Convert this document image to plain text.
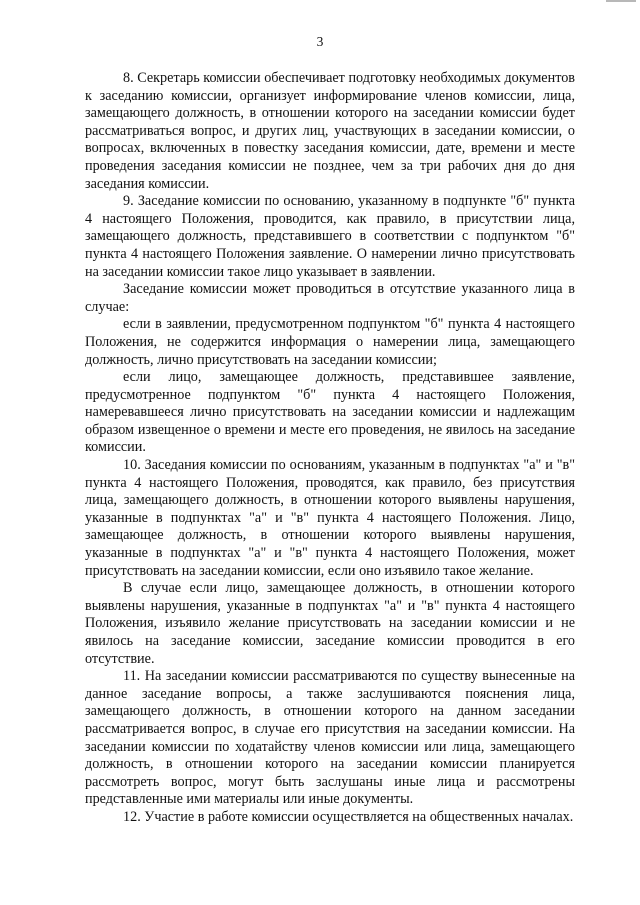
3

8. Секретарь комиссии обеспечивает подготовку необходимых документов к заседанию комиссии, организует информирование членов комиссии, лица, замещающего должность, в отношении которого на заседании комиссии будет рассматриваться вопрос, и других лиц, участвующих в заседании комиссии, о вопросах, включенных в повестку заседания комиссии, дате, времени и месте проведения заседания комиссии не позднее, чем за три рабочих дня до дня заседания комиссии.

9. Заседание комиссии по основанию, указанному в подпункте "б" пункта 4 настоящего Положения, проводится, как правило, в присутствии лица, замещающего должность, представившего в соответствии с подпунктом "б" пункта 4 настоящего Положения заявление. О намерении лично присутствовать на заседании комиссии такое лицо указывает в заявлении.

Заседание комиссии может проводиться в отсутствие указанного лица в случае:

если в заявлении, предусмотренном подпунктом "б" пункта 4 настоящего Положения, не содержится информация о намерении лица, замещающего должность, лично присутствовать на заседании комиссии;

если лицо, замещающее должность, представившее заявление, предусмотренное подпунктом "б" пункта 4 настоящего Положения, намеревавшееся лично присутствовать на заседании комиссии и надлежащим образом извещенное о времени и месте его проведения, не явилось на заседание комиссии.

10. Заседания комиссии по основаниям, указанным в подпунктах "а" и "в" пункта 4 настоящего Положения, проводятся, как правило, без присутствия лица, замещающего должность, в отношении которого выявлены нарушения, указанные в подпунктах "а" и "в" пункта 4 настоящего Положения. Лицо, замещающее должность, в отношении которого выявлены нарушения, указанные в подпунктах "а" и "в" пункта 4 настоящего Положения, может присутствовать на заседании комиссии, если оно изъявило такое желание.

В случае если лицо, замещающее должность, в отношении которого выявлены нарушения, указанные в подпунктах "а" и "в" пункта 4 настоящего Положения, изъявило желание присутствовать на заседании комиссии и не явилось на заседание комиссии, заседание комиссии проводится в его отсутствие.

11. На заседании комиссии рассматриваются по существу вынесенные на данное заседание вопросы, а также заслушиваются пояснения лица, замещающего должность, в отношении которого на данном заседании рассматривается вопрос, в случае его присутствия на заседании комиссии. На заседании комиссии по ходатайству членов комиссии или лица, замещающего должность, в отношении которого на заседании комиссии планируется рассмотреть вопрос, могут быть заслушаны иные лица и рассмотрены представленные ими материалы или иные документы.

12. Участие в работе комиссии осуществляется на общественных началах.
